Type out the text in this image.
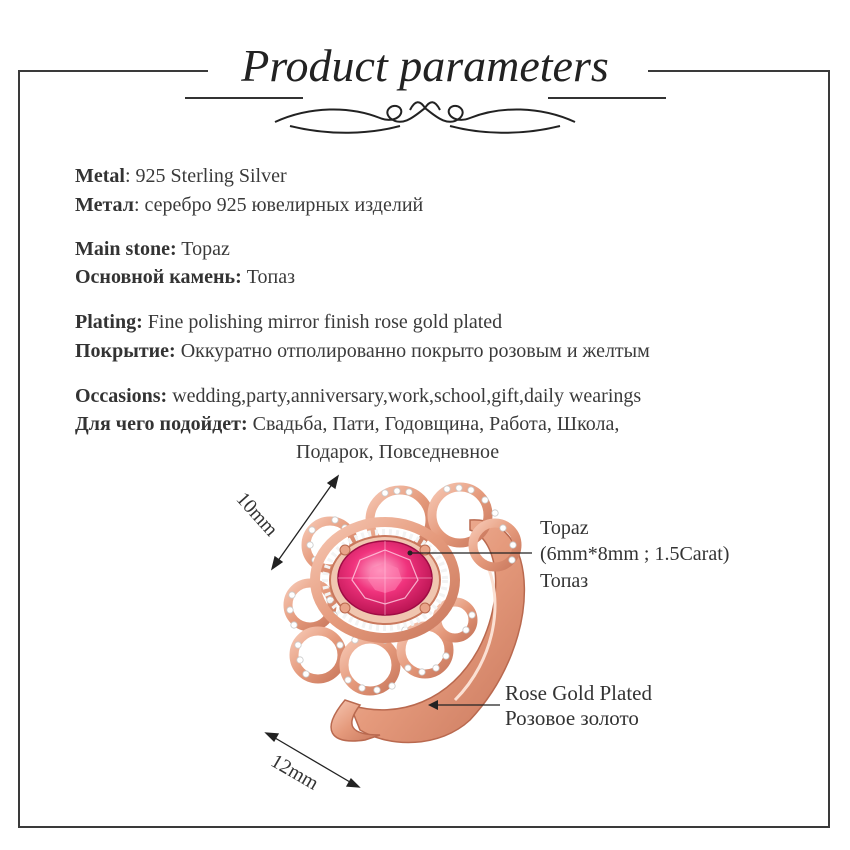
Product parameters
Metal: 925 Sterling Silver
Метал: серебро 925 ювелирных изделий
Main stone: Topaz
Основной камень: Топаз
Plating: Fine polishing mirror finish rose gold plated
Покрытие: Оккуратно отполированно покрыто розовым и желтым
Occasions: wedding,party,anniversary,work,school,gift,daily wearings
Для чего подойдет: Свадьба, Пати, Годовщина, Работа, Школа,
Подарок, Повседневное
Topaz
(6mm*8mm ; 1.5Carat)
Топаз
Rose Gold Plated
Розовое золото
10mm
12mm
